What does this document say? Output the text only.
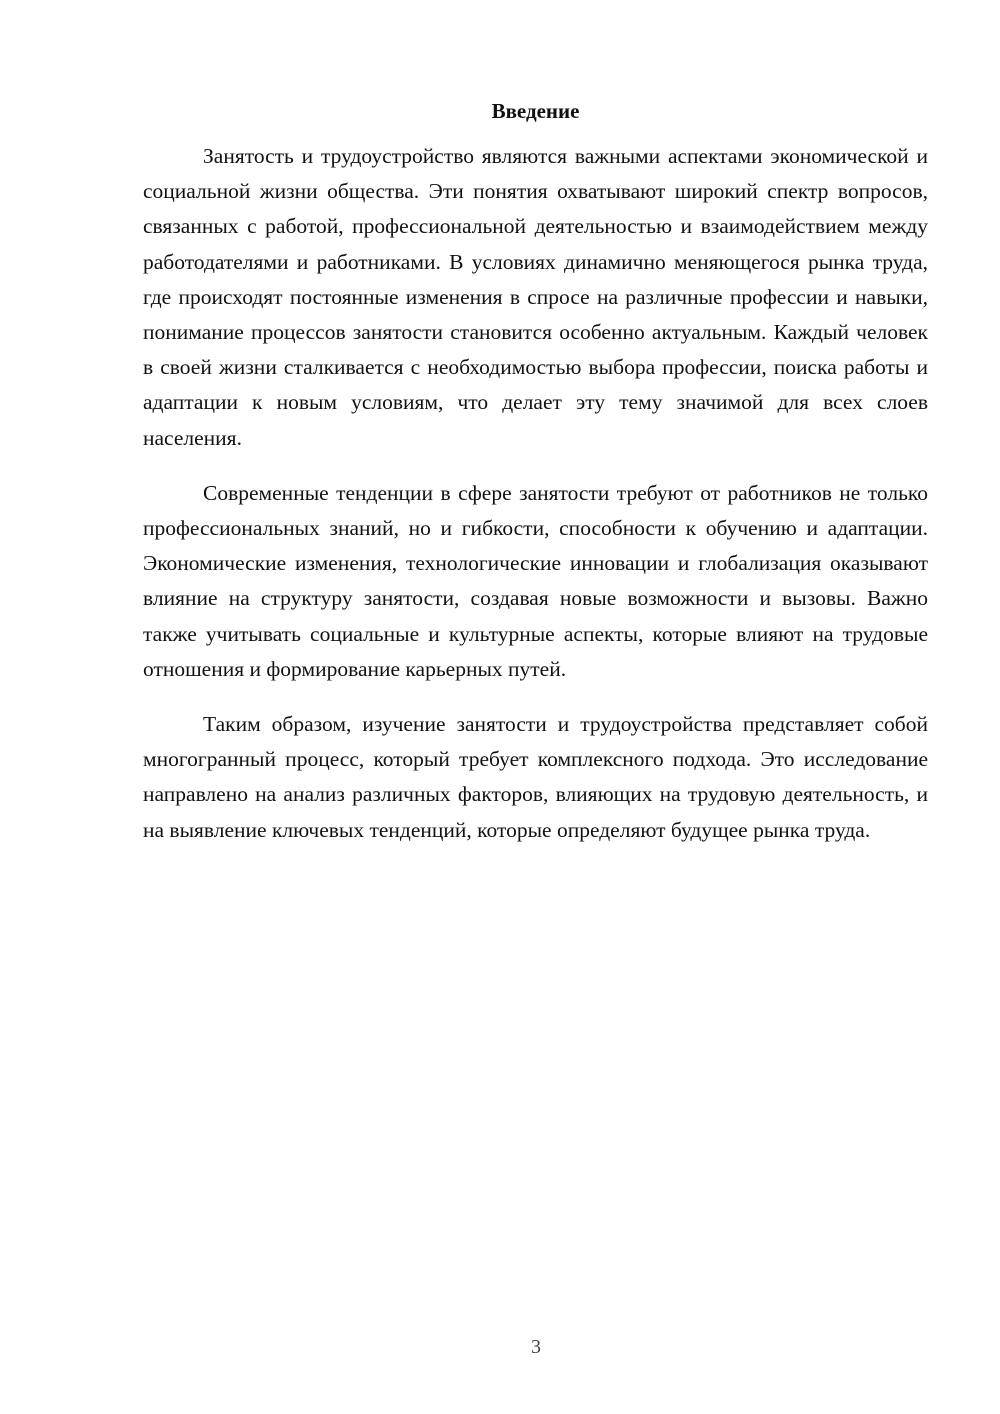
Введение

Занятость и трудоустройство являются важными аспектами экономической и социальной жизни общества. Эти понятия охватывают широкий спектр вопросов, связанных с работой, профессиональной деятельностью и взаимодействием между работодателями и работниками. В условиях динамично меняющегося рынка труда, где происходят постоянные изменения в спросе на различные профессии и навыки, понимание процессов занятости становится особенно актуальным. Каждый человек в своей жизни сталкивается с необходимостью выбора профессии, поиска работы и адаптации к новым условиям, что делает эту тему значимой для всех слоев населения.

Современные тенденции в сфере занятости требуют от работников не только профессиональных знаний, но и гибкости, способности к обучению и адаптации. Экономические изменения, технологические инновации и глобализация оказывают влияние на структуру занятости, создавая новые возможности и вызовы. Важно также учитывать социальные и культурные аспекты, которые влияют на трудовые отношения и формирование карьерных путей.

Таким образом, изучение занятости и трудоустройства представляет собой многогранный процесс, который требует комплексного подхода. Это исследование направлено на анализ различных факторов, влияющих на трудовую деятельность, и на выявление ключевых тенденций, которые определяют будущее рынка труда.

3
